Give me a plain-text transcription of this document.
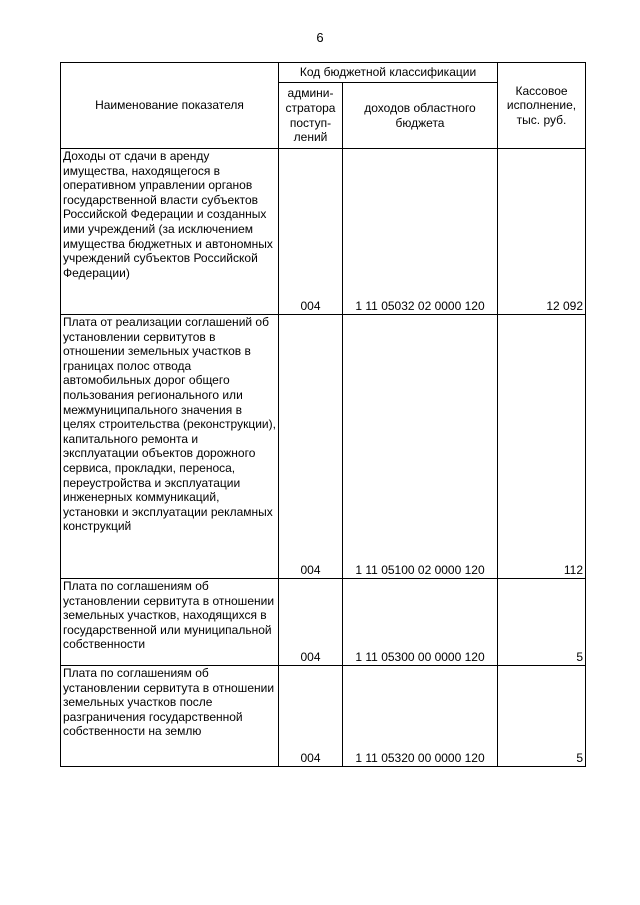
6
Наименование показателя	Код бюджетной классификации		Кассовое исполнение, тыс. руб.
	админи-стратора поступ-лений	доходов областного бюджета	
Доходы от сдачи в аренду имущества, находящегося в оперативном управлении органов государственной власти субъектов Российской Федерации и созданных ими учреждений (за исключением имущества бюджетных и автономных учреждений субъектов Российской Федерации)	004	1 11 05032 02 0000 120	12 092
Плата от реализации соглашений об установлении сервитутов в отношении земельных участков в границах полос отвода автомобильных дорог общего пользования регионального или межмуниципального значения в целях строительства (реконструкции), капитального ремонта и эксплуатации объектов дорожного сервиса, прокладки, переноса, переустройства и эксплуатации инженерных коммуникаций, установки и эксплуатации рекламных конструкций	004	1 11 05100 02 0000 120	112
Плата по соглашениям об установлении сервитута в отношении земельных участков, находящихся в государственной или муниципальной собственности	004	1 11 05300 00 0000 120	5
Плата по соглашениям об установлении сервитута в отношении земельных участков после разграничения государственной собственности на землю	004	1 11 05320 00 0000 120	5
